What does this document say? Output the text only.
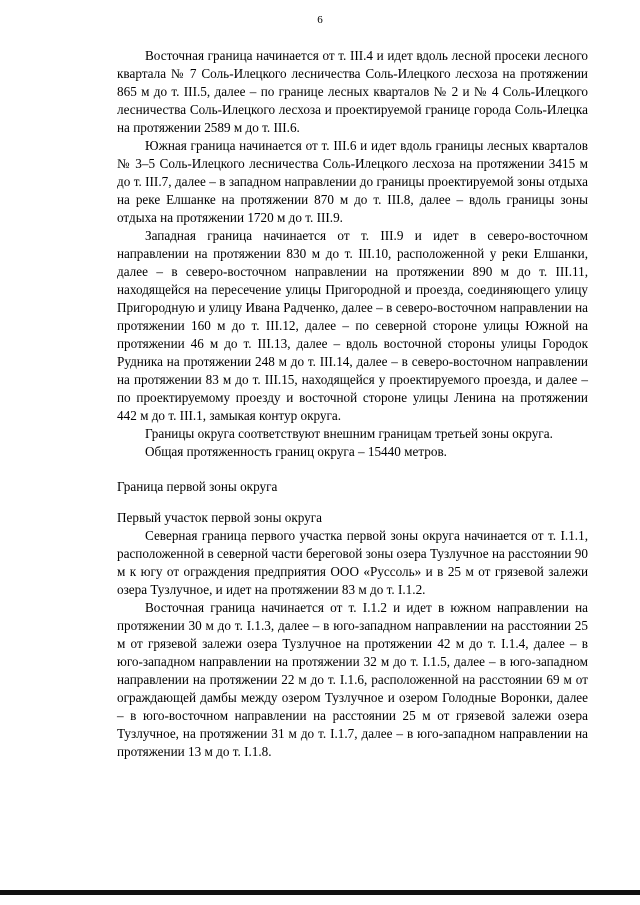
6

Восточная граница начинается от т. III.4 и идет вдоль лесной просеки лесного квартала № 7 Соль-Илецкого лесничества Соль-Илецкого лесхоза на протяжении 865 м до т. III.5, далее – по границе лесных кварталов № 2 и № 4 Соль-Илецкого лесничества Соль-Илецкого лесхоза и проектируемой границе города Соль-Илецка на протяжении 2589 м до т. III.6.

Южная граница начинается от т. III.6 и идет вдоль границы лесных кварталов № 3–5 Соль-Илецкого лесничества Соль-Илецкого лесхоза на протяжении 3415 м до т. III.7, далее – в западном направлении до границы проектируемой зоны отдыха на реке Елшанке на протяжении 870 м до т. III.8, далее – вдоль границы зоны отдыха на протяжении 1720 м до т. III.9.

Западная граница начинается от т. III.9 и идет в северо-восточном направлении на протяжении 830 м до т. III.10, расположенной у реки Елшанки, далее – в северо-восточном направлении на протяжении 890 м до т. III.11, находящейся на пересечение улицы Пригородной и проезда, соединяющего улицу Пригородную и улицу Ивана Радченко, далее – в северо-восточном направлении на протяжении 160 м до т. III.12, далее – по северной стороне улицы Южной на протяжении 46 м до т. III.13, далее – вдоль восточной стороны улицы Городок Рудника на протяжении 248 м до т. III.14, далее – в северо-восточном направлении на протяжении 83 м до т. III.15, находящейся у проектируемого проезда, и далее – по проектируемому проезду и восточной стороне улицы Ленина на протяжении 442 м до т. III.1, замыкая контур округа.

Границы округа соответствуют внешним границам третьей зоны округа.

Общая протяженность границ округа – 15440 метров.

Граница первой зоны округа

Первый участок первой зоны округа

Северная граница первого участка первой зоны округа начинается от т. I.1.1, расположенной в северной части береговой зоны озера Тузлучное на расстоянии 90 м к югу от ограждения предприятия ООО «Руссоль» и в 25 м от грязевой залежи озера Тузлучное, и идет на протяжении 83 м до т. I.1.2.

Восточная граница начинается от т. I.1.2 и идет в южном направлении на протяжении 30 м до т. I.1.3, далее – в юго-западном направлении на расстоянии 25 м от грязевой залежи озера Тузлучное на протяжении 42 м до т. I.1.4, далее – в юго-западном направлении на протяжении 32 м до т. I.1.5, далее – в юго-западном направлении на протяжении 22 м до т. I.1.6, расположенной на расстоянии 69 м от ограждающей дамбы между озером Тузлучное и озером Голодные Воронки, далее – в юго-восточном направлении на расстоянии 25 м от грязевой залежи озера Тузлучное, на протяжении 31 м до т. I.1.7, далее – в юго-западном направлении на протяжении 13 м до т. I.1.8.
